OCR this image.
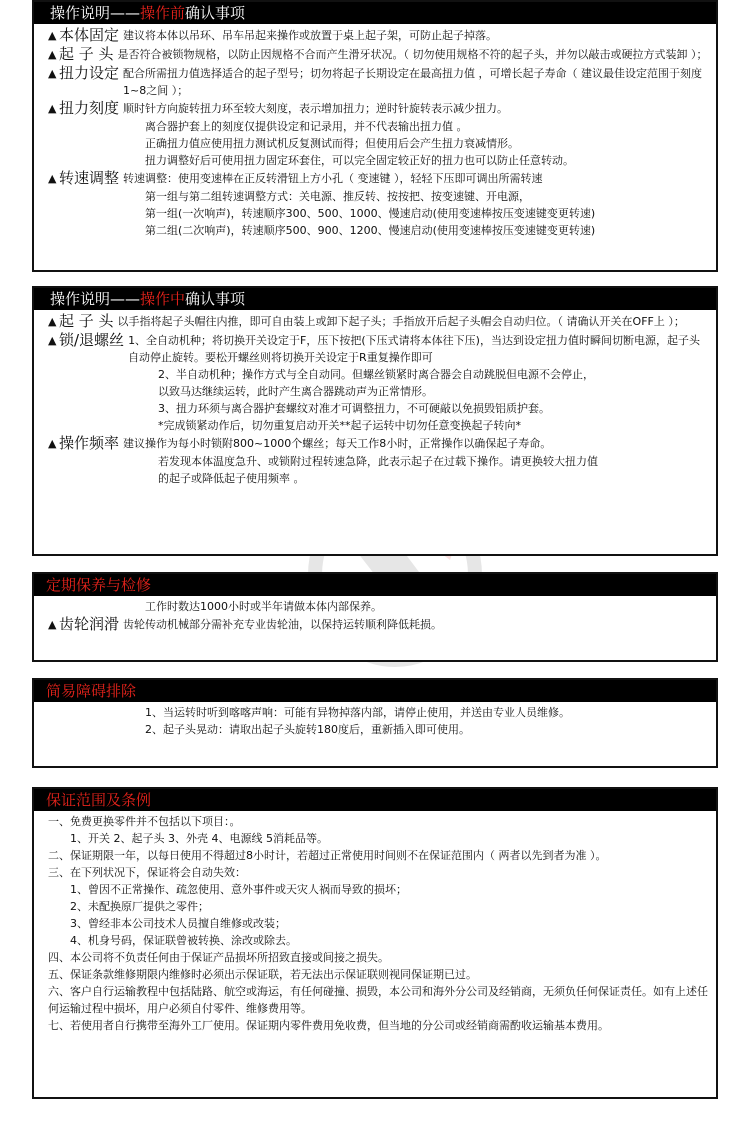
操作说明——操作前确认事项
▲ 本体固定 建议将本体以吊环、吊车吊起来操作或放置于桌上起子架，可防止起子掉落。
▲ 起 子 头 是否符合被锁物规格，以防止因规格不合而产生滑牙状况。（ 切勿使用规格不符的起子头，并勿以敲击或硬拉方式装卸 ）；
▲ 扭力设定 配合所需扭力值选择适合的起子型号；切勿将起子长期设定在最高扭力值 ，可增长起子寿命（ 建议最佳设定范围于刻度1~8之间 ）；
▲ 扭力刻度 顺时针方向旋转扭力环至较大刻度，表示增加扭力；逆时针旋转表示减少扭力。
离合器护套上的刻度仅提供设定和记录用，并不代表输出扭力值 。
正确扭力值应使用扭力测试机反复测试而得；但使用后会产生扭力衰减情形。
扭力调整好后可使用扭力固定环套住，可以完全固定较正好的扭力也可以防止任意转动。
▲ 转速调整 转速调整：使用变速棒在正反转滑钮上方小孔（ 变速键 ），轻轻下压即可调出所需转速
第一组与第二组转速调整方式：关电源、推反转、按按把、按变速键、开电源，
第一组(一次响声)，转速顺序300、500、1000、慢速启动(使用变速棒按压变速键变更转速)
第二组(二次响声)，转速顺序500、900、1200、慢速启动(使用变速棒按压变速键变更转速)
操作说明——操作中确认事项
▲ 起 子 头 以手指将起子头帽往内推，即可自由装上或卸下起子头；手指放开后起子头帽会自动归位。（ 请确认开关在OFF上 ）；
▲ 锁/退螺丝 1、全自动机种；将切换开关设定于F，压下按把(下压式请将本体往下压)，当达到设定扭力值时瞬间切断电源，起子头自动停止旋转。要松开螺丝则将切换开关设定于R重复操作即可
2、半自动机种；操作方式与全自动同。但螺丝锁紧时离合器会自动跳脱但电源不会停止，
以致马达继续运转，此时产生离合器跳动声为正常情形。
3、扭力环须与离合器护套螺纹对准才可调整扭力，不可硬敲以免损毁铝质护套。
*完成锁紧动作后，切勿重复启动开关**起子运转中切勿任意变换起子转向*
▲ 操作频率 建议操作为每小时锁附800~1000个螺丝；每天工作8小时，正常操作以确保起子寿命。
若发现本体温度急升、或锁附过程转速急降，此表示起子在过载下操作。请更换较大扭力值
的起子或降低起子使用频率 。
定期保养与检修
工作时数达1000小时或半年请做本体内部保养。
▲ 齿轮润滑 齿轮传动机械部分需补充专业齿轮油，以保持运转顺利降低耗损。
简易障碍排除
1、当运转时听到喀喀声响：可能有异物掉落内部，请停止使用，并送由专业人员维修。
2、起子头晃动：请取出起子头旋转180度后，重新插入即可使用。
保证范围及条例
一、免费更换零件并不包括以下项目：。
1、开关 2、起子头 3、外壳 4、电源线 5消耗品等。
二、保证期限一年，以每日使用不得超过8小时计，若超过正常使用时间则不在保证范围内（ 两者以先到者为准 ）。
三、在下列状况下，保证将会自动失效：
1、曾因不正常操作、疏忽使用、意外事件或天灾人祸而导致的损坏；
2、未配换原厂提供之零件；
3、曾经非本公司技术人员擅自维修或改装；
4、机身号码，保证联曾被转换、涂改或除去。
四、本公司将不负责任何由于保证产品损坏所招致直接或间接之损失。
五、保证条款维修期限内维修时必须出示保证联，若无法出示保证联则视同保证期已过。
六、客户自行运输教程中包括陆路、航空或海运，有任何碰撞、损毁，本公司和海外分公司及经销商，无须负任何保证责任。如有上述任何运输过程中损坏，用户必须自付零件、维修费用等。
七、若使用者自行携带至海外工厂使用。保证期内零件费用免收费，但当地的分公司或经销商需酌收运输基本费用。
